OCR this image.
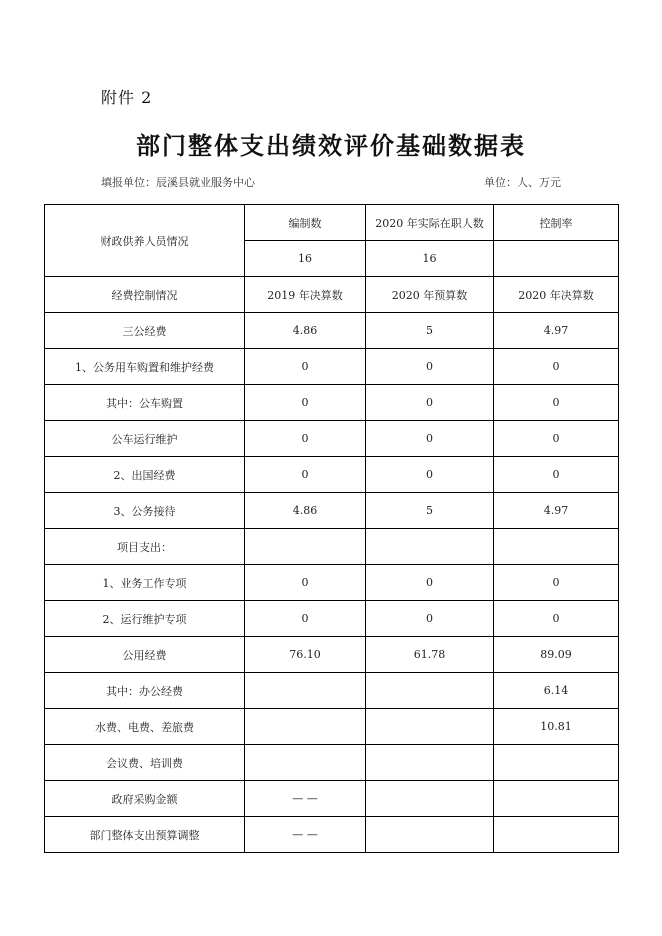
附件 2
部门整体支出绩效评价基础数据表
填报单位：辰溪县就业服务中心	单位：人、万元
财政供养人员情况	编制数	2020 年实际在职人数	控制率
	16	16	
经费控制情况	2019 年决算数	2020 年预算数	2020 年决算数
三公经费	4.86	5	4.97
1、公务用车购置和维护经费	0	0	0
其中：公车购置	0	0	0
公车运行维护	0	0	0
2、出国经费	0	0	0
3、公务接待	4.86	5	4.97
项目支出：			
1、业务工作专项	0	0	0
2、运行维护专项	0	0	0
公用经费	76.10	61.78	89.09
其中：办公经费			6.14
水费、电费、差旅费			10.81
会议费、培训费			
政府采购金额	— —		
部门整体支出预算调整	— —		
